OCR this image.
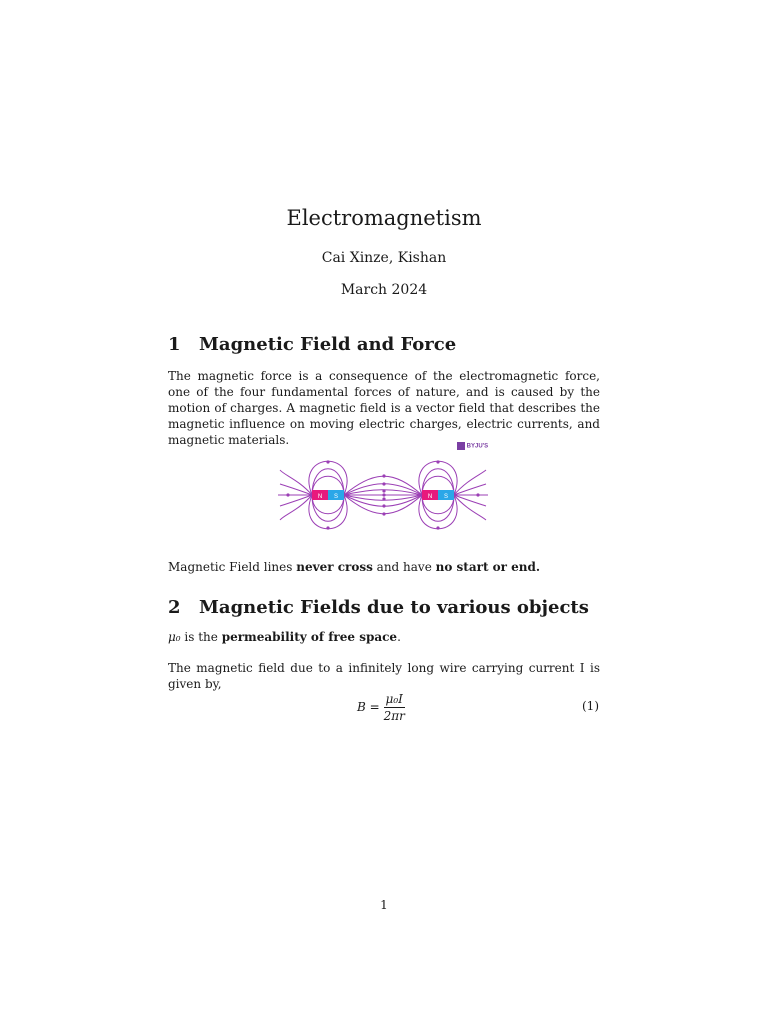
Electromagnetism
Cai Xinze, Kishan
March 2024
1 Magnetic Field and Force
The magnetic force is a consequence of the electromagnetic force, one of the four fundamental forces of nature, and is caused by the motion of charges. A magnetic field is a vector field that describes the magnetic influence on moving electric charges, electric currents, and magnetic materials.
N S	N S
BYJU'S
Magnetic Field lines never cross and have no start or end.
2 Magnetic Fields due to various objects
μ₀ is the permeability of free space.
The magnetic field due to a infinitely long wire carrying current I is given by,
$B = \frac{\text{μ₀I}}{2\pi r}$	(1)
1
